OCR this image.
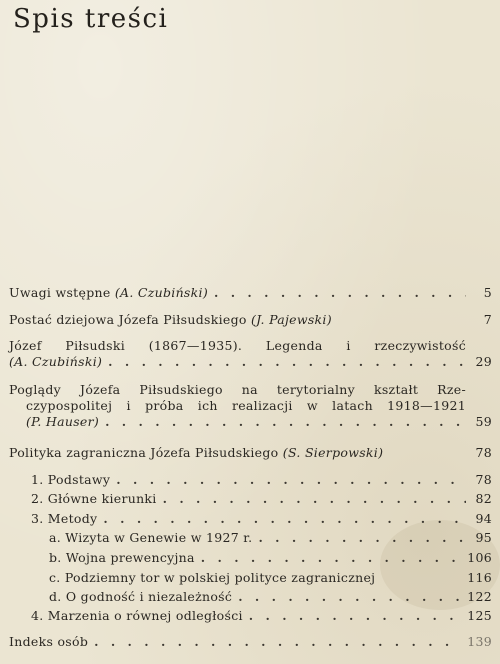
Spis treści
Uwagi wstępne (A. Czubiński) . . .	5
Postać dziejowa Józefa Piłsudskiego (J. Pajewski)	7
Józef Piłsudski (1867—1935). Legenda i rzeczywistość
(A. Czubiński) . . .	29
Poglądy Józefa Piłsudskiego na terytorialny kształt Rze-
czypospolitej i próba ich realizacji w latach 1918—1921
(P. Hauser) . . .	59
Polityka zagraniczna Józefa Piłsudskiego (S. Sierpowski)	78
1. Podstawy . . .	78
2. Główne kierunki . . .	82
3. Metody . . .	94
a. Wizyta w Genewie w 1927 r. . . .	95
b. Wojna prewencyjna . . .	106
c. Podziemny tor w polskiej polityce zagranicznej	116
d. O godność i niezależność . . .	122
4. Marzenia o równej odległości . . .	125
Indeks osób . . .	139
